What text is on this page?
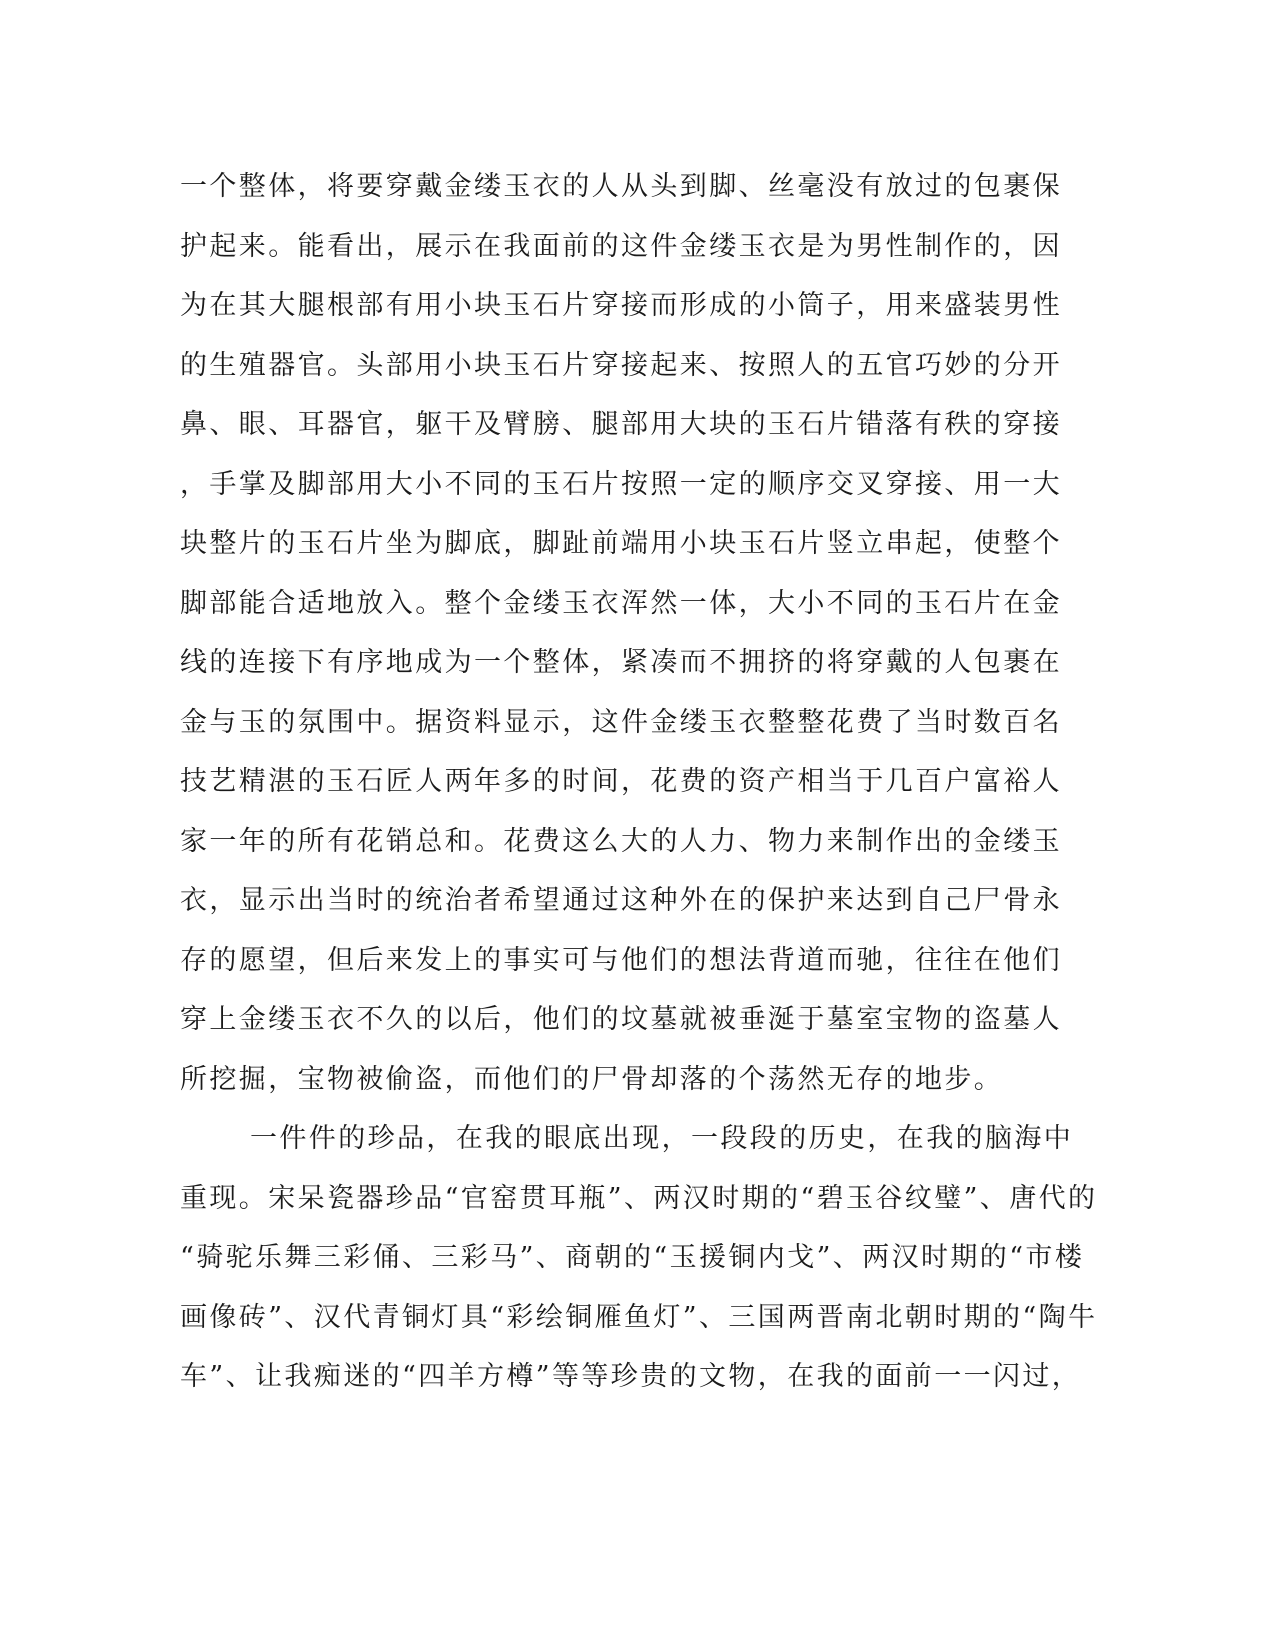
一个整体，将要穿戴金缕玉衣的人从头到脚、丝毫没有放过的包裹保
护起来。能看出，展示在我面前的这件金缕玉衣是为男性制作的，因
为在其大腿根部有用小块玉石片穿接而形成的小筒子，用来盛装男性
的生殖器官。头部用小块玉石片穿接起来、按照人的五官巧妙的分开
鼻、眼、耳器官，躯干及臂膀、腿部用大块的玉石片错落有秩的穿接
，手掌及脚部用大小不同的玉石片按照一定的顺序交叉穿接、用一大
块整片的玉石片坐为脚底，脚趾前端用小块玉石片竖立串起，使整个
脚部能合适地放入。整个金缕玉衣浑然一体，大小不同的玉石片在金
线的连接下有序地成为一个整体，紧凑而不拥挤的将穿戴的人包裹在
金与玉的氛围中。据资料显示，这件金缕玉衣整整花费了当时数百名
技艺精湛的玉石匠人两年多的时间，花费的资产相当于几百户富裕人
家一年的所有花销总和。花费这么大的人力、物力来制作出的金缕玉
衣，显示出当时的统治者希望通过这种外在的保护来达到自己尸骨永
存的愿望，但后来发上的事实可与他们的想法背道而驰，往往在他们
穿上金缕玉衣不久的以后，他们的坟墓就被垂涎于墓室宝物的盗墓人
所挖掘，宝物被偷盗，而他们的尸骨却落的个荡然无存的地步。
一件件的珍品，在我的眼底出现，一段段的历史，在我的脑海中
重现。宋呆瓷器珍品“官窑贯耳瓶”、两汉时期的“碧玉谷纹璧”、唐代的
“骑驼乐舞三彩俑、三彩马”、商朝的“玉援铜内戈”、两汉时期的“市楼
画像砖”、汉代青铜灯具“彩绘铜雁鱼灯”、三国两晋南北朝时期的“陶牛
车”、让我痴迷的“四羊方樽”等等珍贵的文物，在我的面前一一闪过，
